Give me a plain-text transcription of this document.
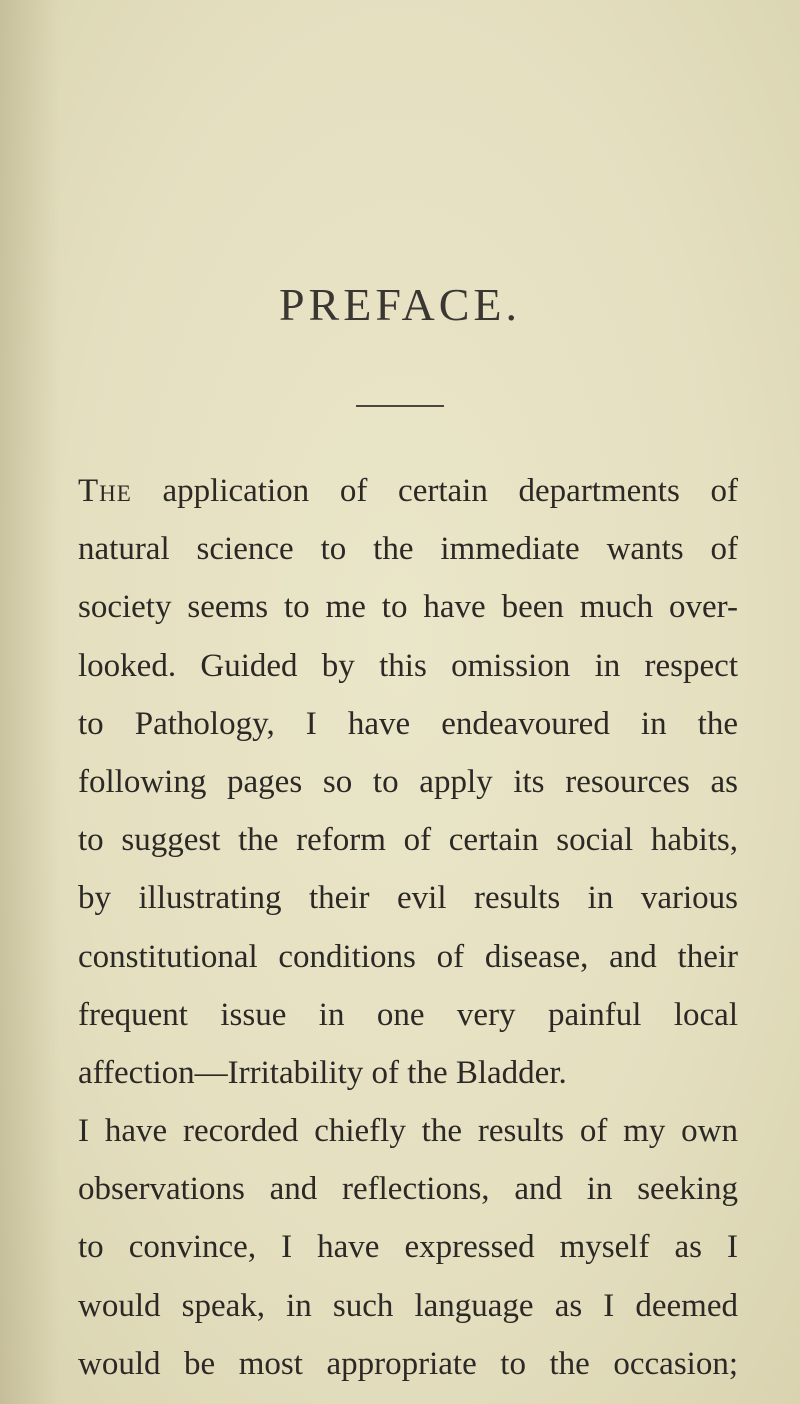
PREFACE.
The application of certain departments of
natural science to the immediate wants of
society seems to me to have been much over-
looked. Guided by this omission in respect
to Pathology, I have endeavoured in the
following pages so to apply its resources as
to suggest the reform of certain social habits,
by illustrating their evil results in various
constitutional conditions of disease, and their
frequent issue in one very painful local
affection—Irritability of the Bladder.
I have recorded chiefly the results of my own
observations and reflections, and in seeking
to convince, I have expressed myself as I
would speak, in such language as I deemed
would be most appropriate to the occasion;
